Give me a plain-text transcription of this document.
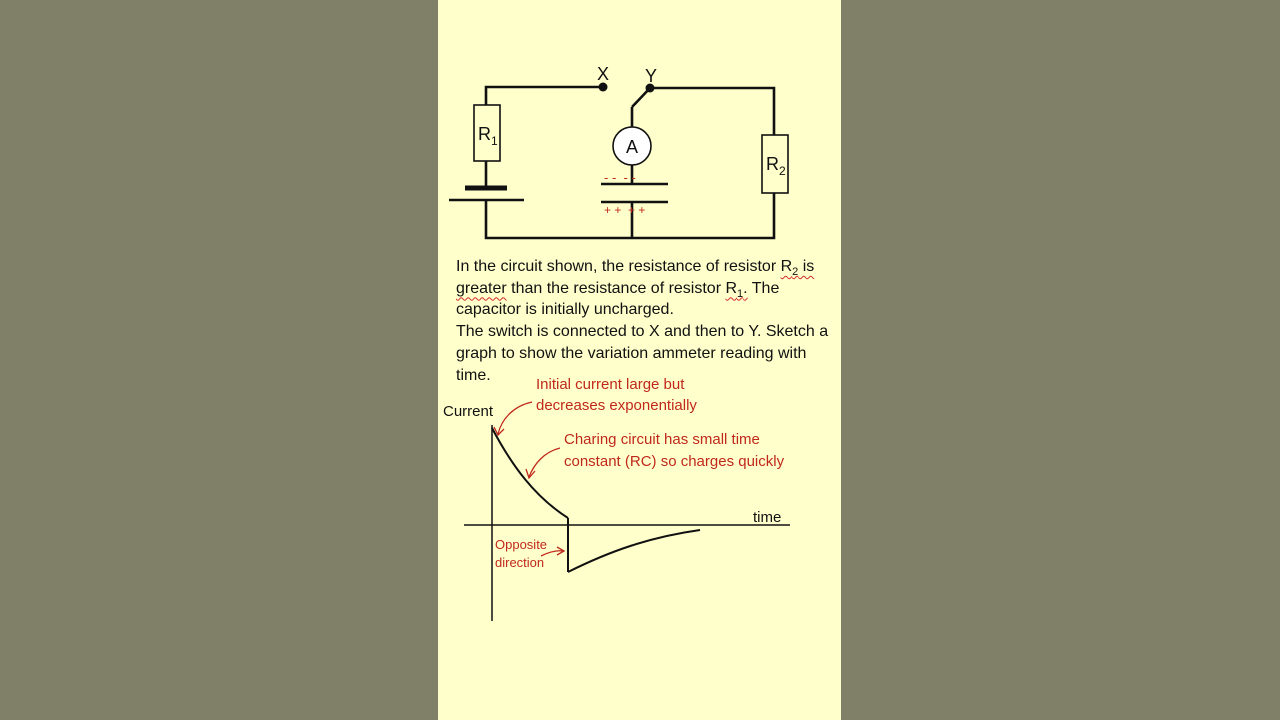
X Y
$R_1$
$R_2$
A
- -  - -
+ +  + +
Current
time
Initial current large but
decreases exponentially
Charing circuit has small time
constant (RC) so charges quickly
Opposite
direction

In the circuit shown, the resistance of resistor $R_2$ is
greater than the resistance of resistor $R_1$. The
capacitor is initially uncharged.
The switch is connected to X and then to Y. Sketch a
graph to show the variation ammeter reading with
time.
